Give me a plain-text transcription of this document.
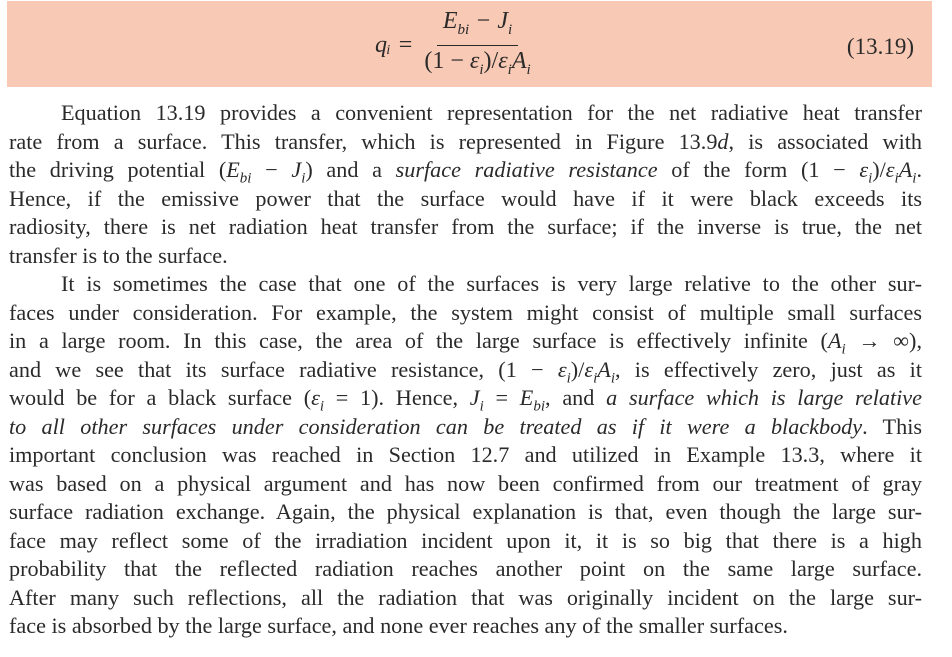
qᵢ = $\frac{E_{bi} - J_i}{(1 - \varepsilon_i)/\varepsilon_iA_i}$	(13.19)
Equation 13.19 provides a convenient representation for the net radiative heat transfer
rate from a surface. This transfer, which is represented in Figure 13.9d, is associated with
the driving potential $(E_{bi} - J_i)$ and a surface radiative resistance of the form $(1 - \varepsilon_i)/\varepsilon_iA_i$.
Hence, if the emissive power that the surface would have if it were black exceeds its
radiosity, there is net radiation heat transfer from the surface; if the inverse is true, the net
transfer is to the surface.
It is sometimes the case that one of the surfaces is very large relative to the other sur-
faces under consideration. For example, the system might consist of multiple small surfaces
in a large room. In this case, the area of the large surface is effectively infinite ($A_i$ → ∞),
and we see that its surface radiative resistance, $(1 - \varepsilon_i)/\varepsilon_iA_i$, is effectively zero, just as it
would be for a black surface $(\varepsilon_i = 1)$. Hence, $J_i = E_{bi}$, and a surface which is large relative
to all other surfaces under consideration can be treated as if it were a blackbody. This
important conclusion was reached in Section 12.7 and utilized in Example 13.3, where it
was based on a physical argument and has now been confirmed from our treatment of gray
surface radiation exchange. Again, the physical explanation is that, even though the large sur-
face may reflect some of the irradiation incident upon it, it is so big that there is a high
probability that the reflected radiation reaches another point on the same large surface.
After many such reflections, all the radiation that was originally incident on the large sur-
face is absorbed by the large surface, and none ever reaches any of the smaller surfaces.
